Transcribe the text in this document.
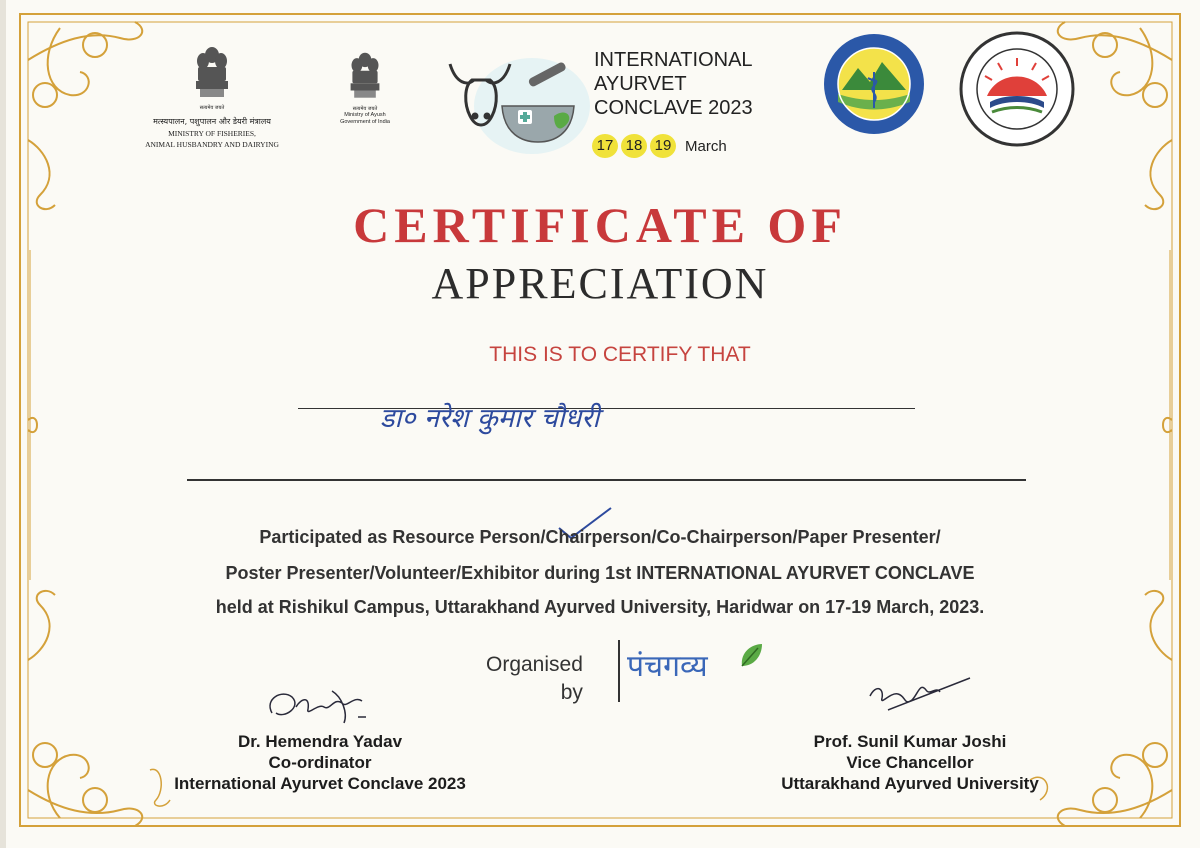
सत्यमेव जयते
मत्स्यपालन, पशुपालन और डेयरी मंत्रालय
MINISTRY OF FISHERIES,
ANIMAL HUSBANDRY AND DAIRYING
सत्यमेव जयते
Ministry of Ayush
Government of India
INTERNATIONAL
AYURVET
CONCLAVE 2023
17 18 19 March
CERTIFICATE OF
APPRECIATION
THIS IS TO CERTIFY THAT
डा० नरेश कुमार चौधरी
Participated as Resource Person/Chairperson/Co-Chairperson/Paper Presenter/
Poster Presenter/Volunteer/Exhibitor during 1st INTERNATIONAL AYURVET CONCLAVE
held at Rishikul Campus, Uttarakhand Ayurved University, Haridwar on 17-19 March, 2023.
Organised
by
पंचगव्य
Dr. Hemendra Yadav
Co-ordinator
International Ayurvet Conclave 2023
Prof. Sunil Kumar Joshi
Vice Chancellor
Uttarakhand Ayurved University
